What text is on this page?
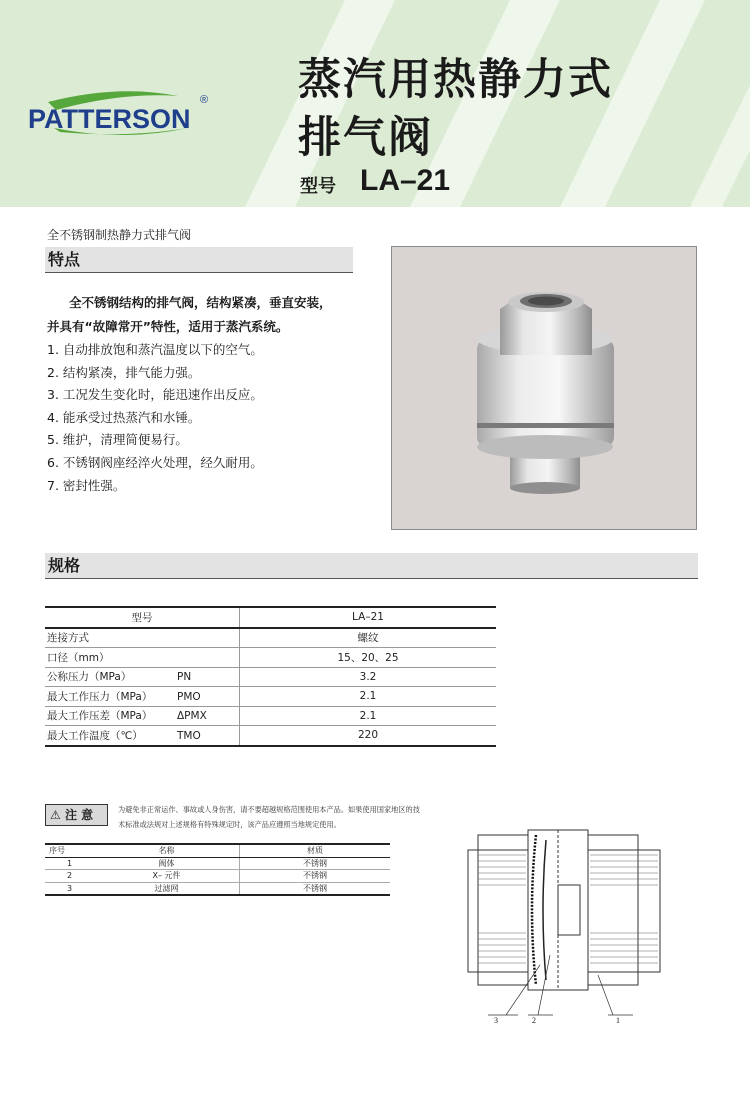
PATTERSON
® 蒸汽用热静力式
排气阀
型号 LA–21
全不锈钢制热静力式排气阀
特点
全不锈钢结构的排气阀，结构紧凑，垂直安装，
并具有“故障常开”特性，适用于蒸汽系统。
1. 自动排放饱和蒸汽温度以下的空气。
2. 结构紧凑，排气能力强。
3. 工况发生变化时，能迅速作出反应。
4. 能承受过热蒸汽和水锤。
5. 维护，清理简便易行。
6. 不锈钢阀座经淬火处理，经久耐用。
7. 密封性强。
规格
型号	LA–21
连接方式	螺纹
口径（mm）	15、20、25
公称压力（MPa） PN	3.2
最大工作压力（MPa） PMO	2.1
最大工作压差（MPa） ΔPMX	2.1
最大工作温度（℃） TMO	220
⚠ 注 意	为避免非正常运作、事故或人身伤害，请不要超越规格范围使用本产品。如果使用国家地区的技
术标准或法规对上述规格有特殊规定时，该产品应遵照当地规定使用。
序号	名称	材质
1	阀体	不锈钢
2	X– 元件	不锈钢
3	过滤网	不锈钢
3	2	1
